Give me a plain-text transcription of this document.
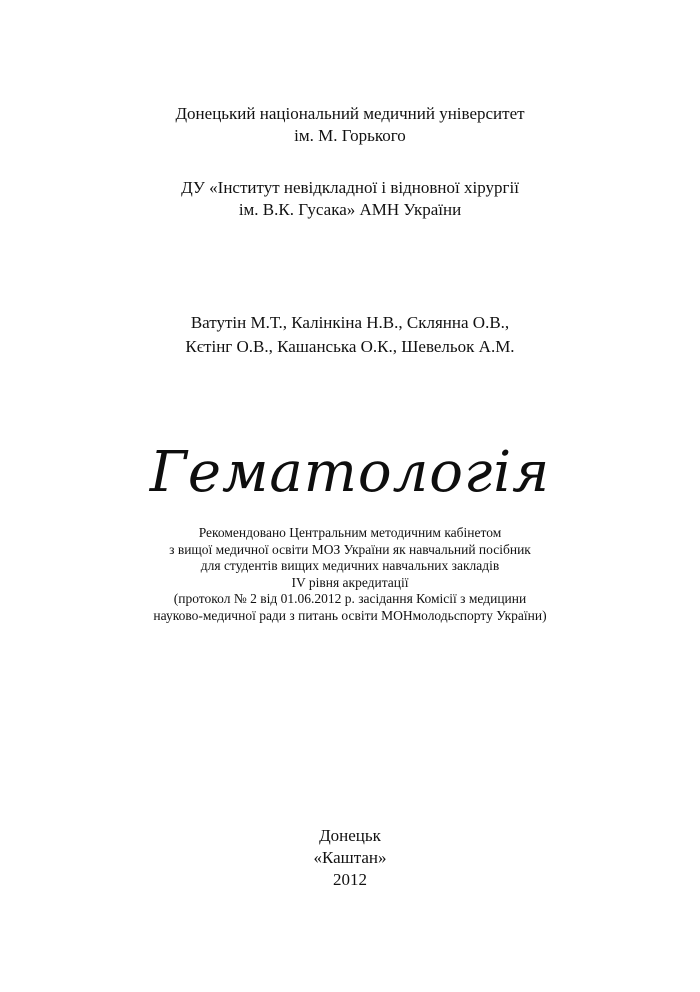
Донецький національний медичний університет
ім. М. Горького
ДУ «Інститут невідкладної і відновної хірургії
ім. В.К. Гусака» АМН України
Ватутін М.Т., Калінкіна Н.В., Склянна О.В.,
Кєтінг О.В., Кашанська О.К., Шевельок А.М.
Гематологія
Рекомендовано Центральним методичним кабінетом
з вищої медичної освіти МОЗ України як навчальний посібник
для студентів вищих медичних навчальних закладів
IV рівня акредитації
(протокол № 2 від 01.06.2012 р. засідання Комісії з медицини
науково-медичної ради з питань освіти МОНмолодьспорту України)
Донецьк
«Каштан»
2012
